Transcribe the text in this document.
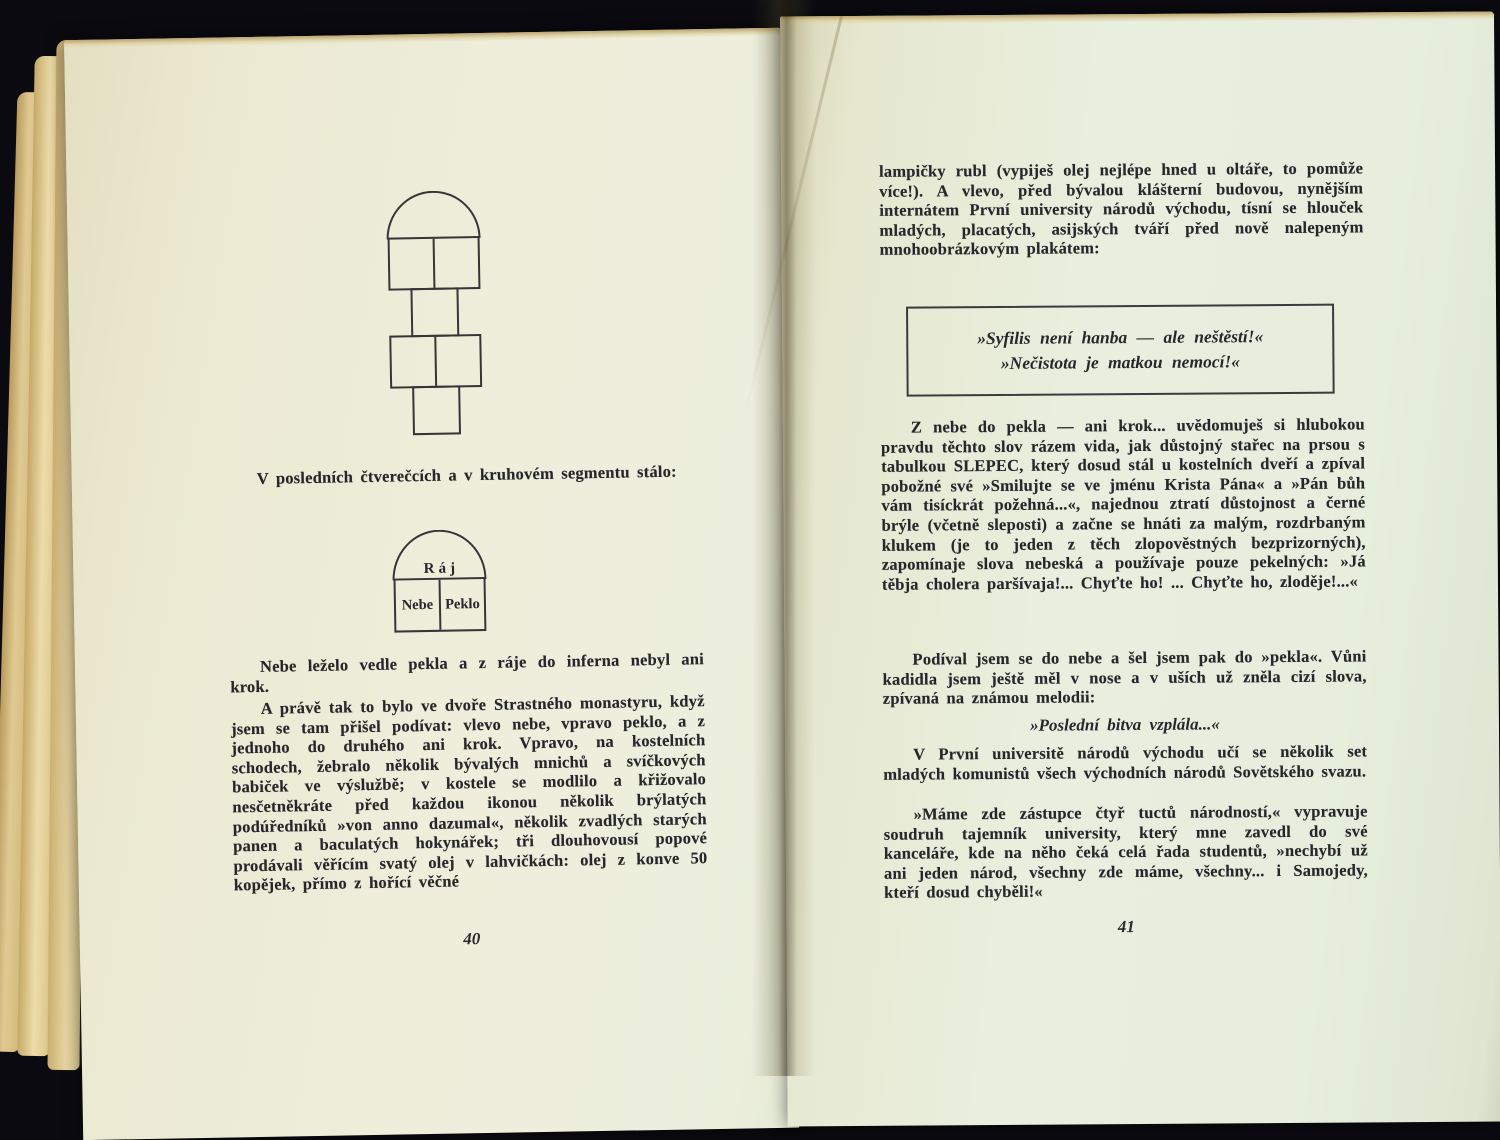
V posledních čtverečcích a v kruhovém segmentu stálo:

Ráj
Nebe Peklo

Nebe leželo vedle pekla a z ráje do inferna nebyl ani krok.

A právě tak to bylo ve dvoře Strastného monastyru, když jsem se tam přišel podívat: vlevo nebe, vpravo peklo, a z jednoho do druhého ani krok. Vpravo, na kostelních schodech, žebralo několik bývalých mnichů a svíčkových babiček ve výslužbě; v kostele se modlilo a křižovalo nesčetněkráte před každou ikonou několik brýlatých podúředníků »von anno dazumal«, několik zvadlých starých panen a baculatých hokynářek; tři dlouhovousí popové prodávali věřícím svatý olej v lahvičkách: olej z konve 50 kopějek, přímo z hořící věčné

40

lampičky rubl (vypiješ olej nejlépe hned u oltáře, to pomůže více!). A vlevo, před bývalou klášterní budovou, nynějším internátem První university národů východu, tísní se hlouček mladých, placatých, asijských tváří před nově nalepeným mnohoobrázkovým plakátem:

»Syfilis není hanba — ale neštěstí!«
»Nečistota je matkou nemocí!«

Z nebe do pekla — ani krok... uvědomuješ si hlubokou pravdu těchto slov rázem vida, jak důstojný stařec na prsou s tabulkou SLEPEC, který dosud stál u kostelních dveří a zpíval pobožné své »Smilujte se ve jménu Krista Pána« a »Pán bůh vám tisíckrát požehná...«, najednou ztratí důstojnost a černé brýle (včetně sleposti) a začne se hnáti za malým, rozdrbaným klukem (je to jeden z těch zlopověstných bezprizorných), zapomínaje slova nebeská a používaje pouze pekelných: »Já těbja cholera paršívaja!... Chyťte ho! ... Chyťte ho, zloděje!...«

Podíval jsem se do nebe a šel jsem pak do »pekla«. Vůni kadidla jsem ještě měl v nose a v uších už zněla cizí slova, zpívaná na známou melodii:

»Poslední bitva vzplála...«

V První universitě národů východu učí se několik set mladých komunistů všech východních národů Sovětského svazu.

»Máme zde zástupce čtyř tuctů národností,« vypravuje soudruh tajemník university, který mne zavedl do své kanceláře, kde na něho čeká celá řada studentů, »nechybí už ani jeden národ, všechny zde máme, všechny... i Samojedy, kteří dosud chyběli!«

41
